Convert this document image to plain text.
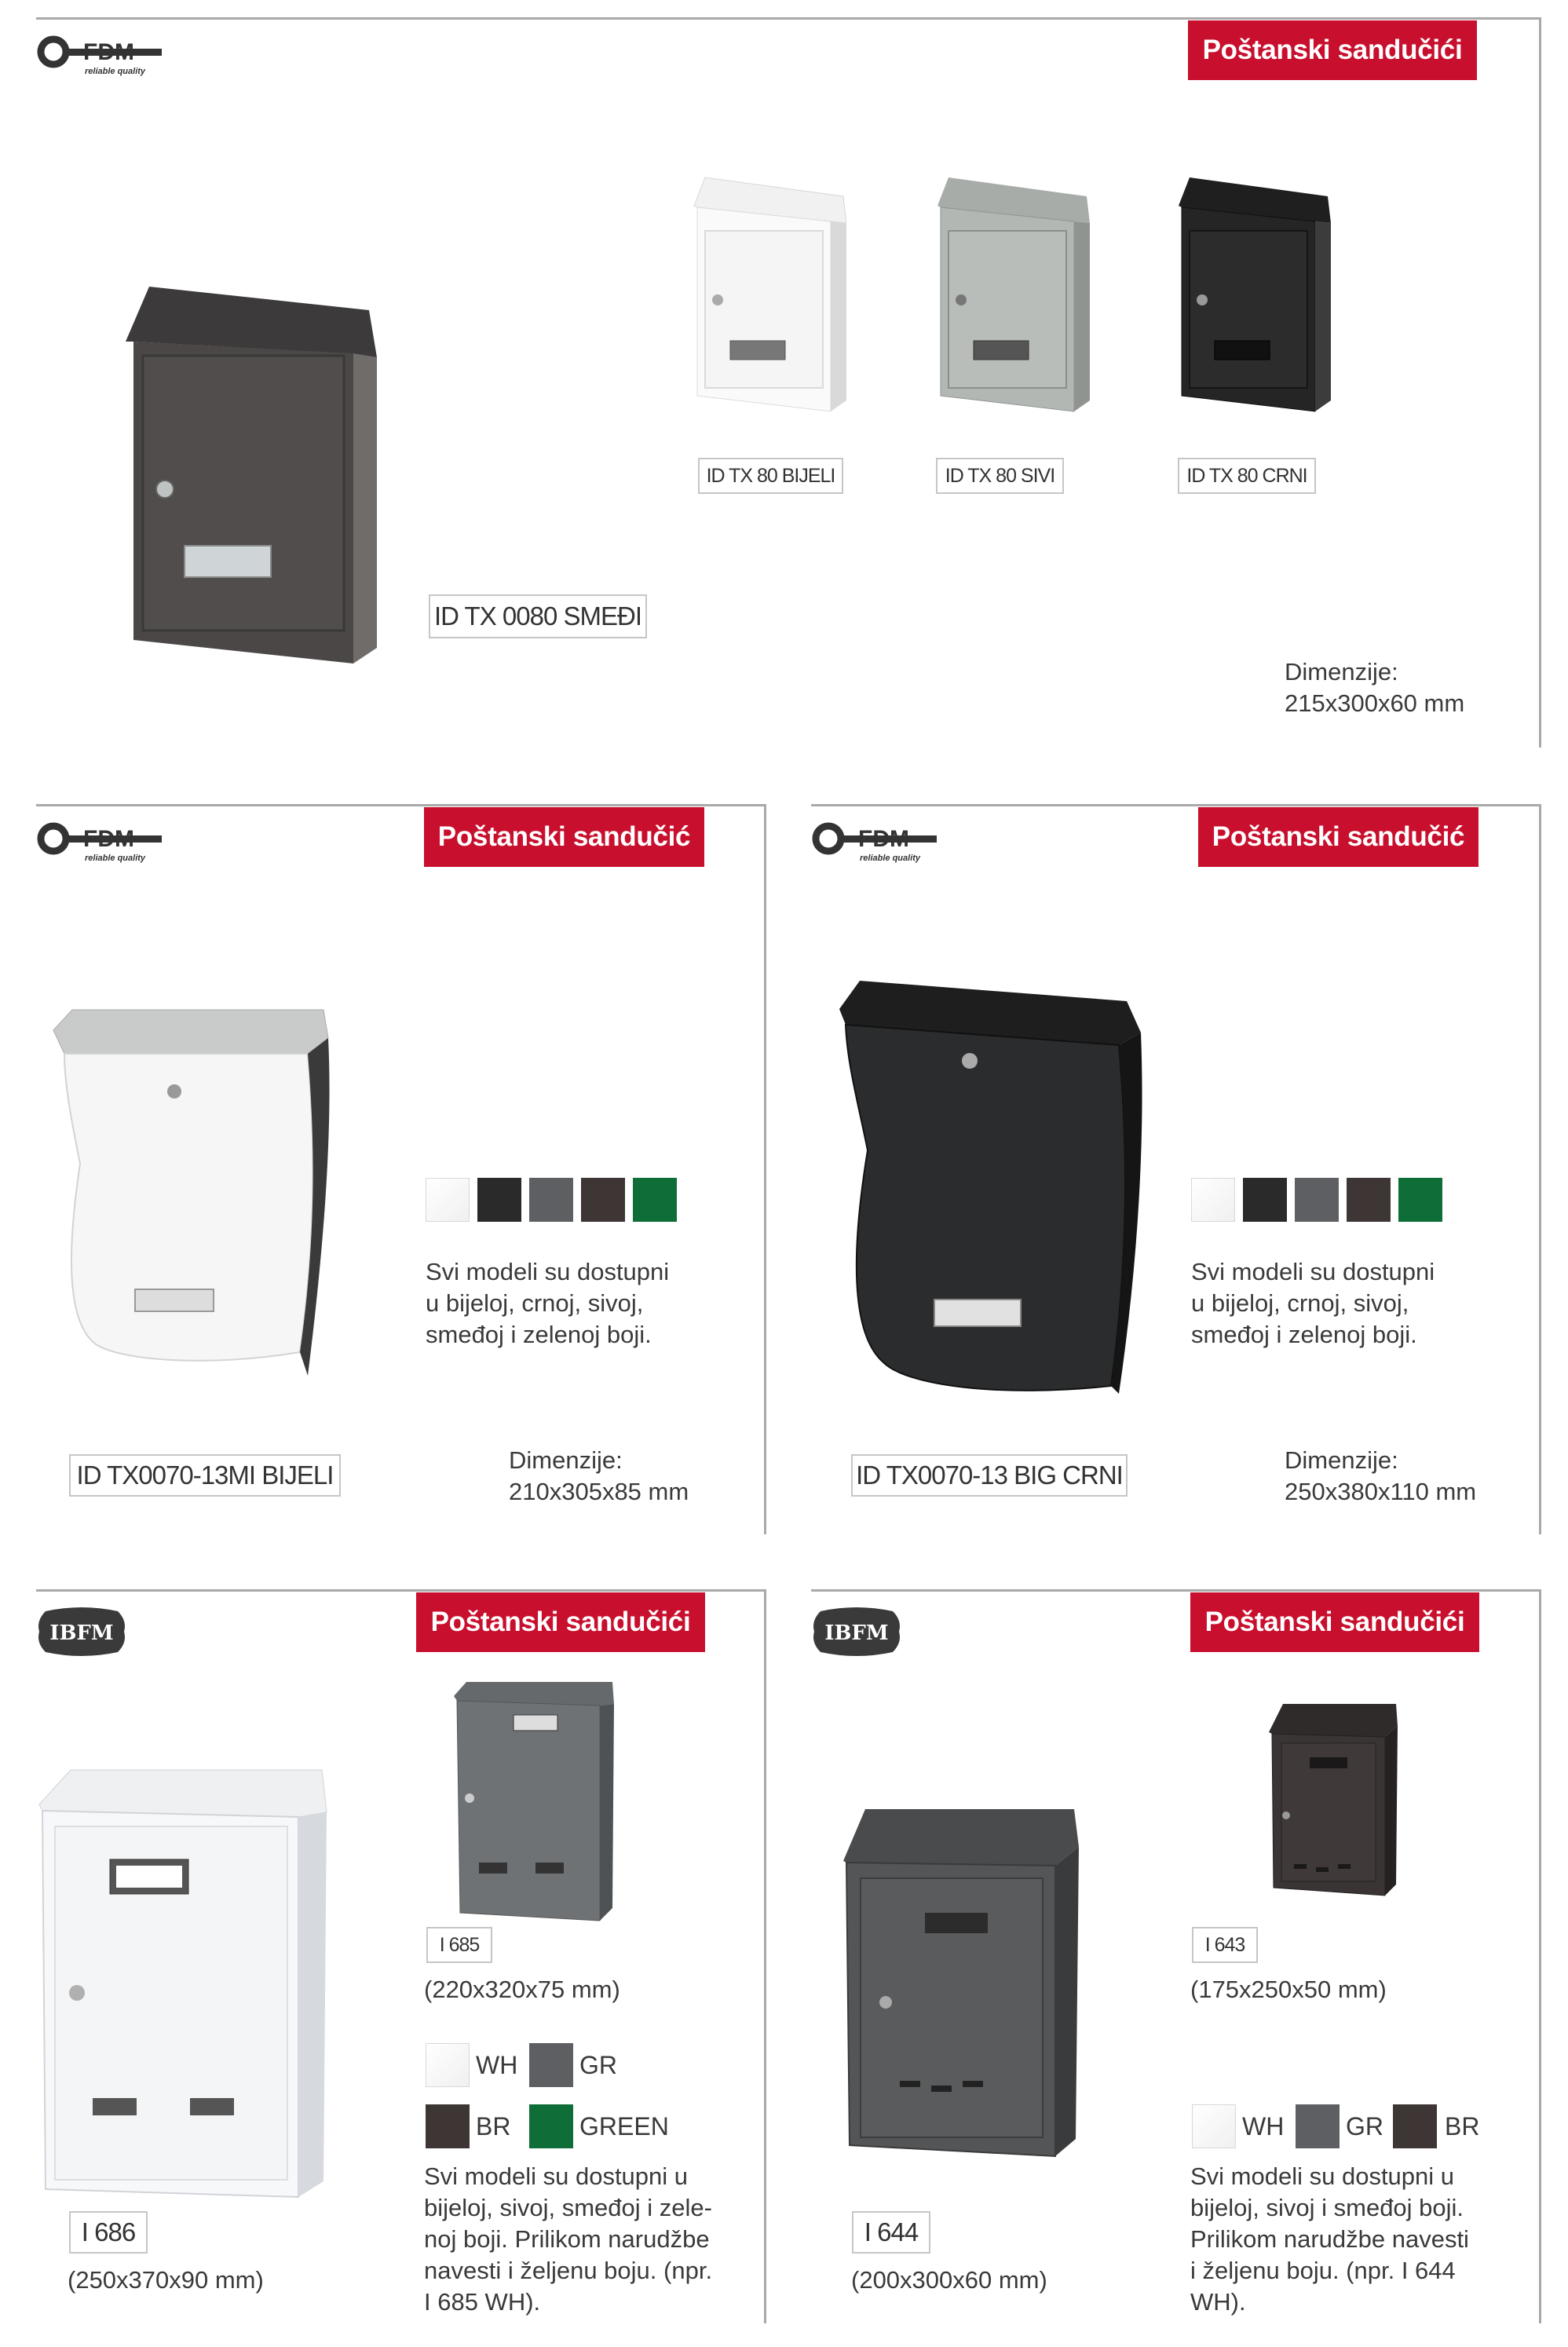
FDM
reliable quality
Poštanski sandučići
ID TX 0080 SMEĐI
ID TX 80 BIJELI	ID TX 80 SIVI	ID TX 80 CRNI
Dimenzije:
215x300x60 mm
FDM
reliable quality
Poštanski sandučić
Svi modeli su dostupni
u bijeloj, crnoj, sivoj,
smeđoj i zelenoj boji.
ID TX0070-13MI BIJELI
Dimenzije:
210x305x85 mm
FDM
reliable quality
Poštanski sandučić
Svi modeli su dostupni
u bijeloj, crnoj, sivoj,
smeđoj i zelenoj boji.
ID TX0070-13 BIG CRNI
Dimenzije:
250x380x110 mm
IBFM	Poštanski sandučići
I 685
(220x320x75 mm)
WH GR
BR	GREEN
Svi modeli su dostupni u
bijeloj, sivoj, smeđoj i zele-
noj boji. Prilikom narudžbe
navesti i željenu boju. (npr.
I 685 WH).
I 686
(250x370x90 mm)
IBFM	Poštanski sandučići
I 643
(175x250x50 mm)
WH GR BR
Svi modeli su dostupni u
bijeloj, sivoj i smeđoj boji.
Prilikom narudžbe navesti
i željenu boju. (npr. I 644
WH).
I 644
(200x300x60 mm)
